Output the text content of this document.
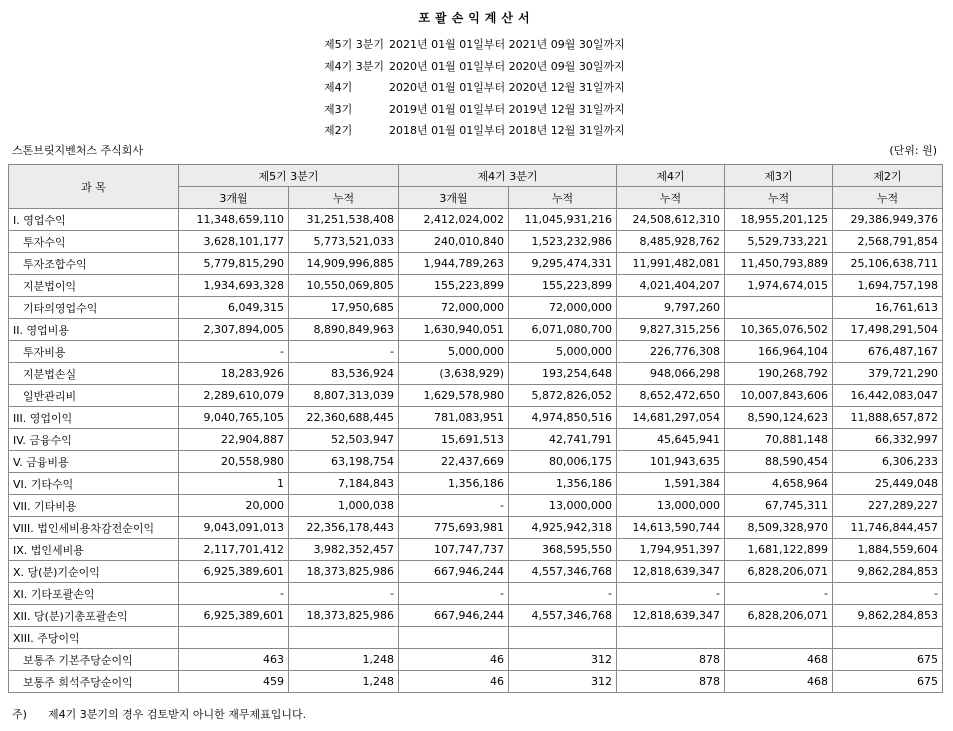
포괄손익계산서
제5기 3분기 2021년 01월 01일부터 2021년 09월 30일까지
제4기 3분기 2020년 01월 01일부터 2020년 09월 30일까지
제4기	2020년 01월 01일부터 2020년 12월 31일까지
제3기	2019년 01월 01일부터 2019년 12월 31일까지
제2기	2018년 01월 01일부터 2018년 12월 31일까지
스톤브릿지벤처스 주식회사	(단위: 원)
과 목	제5기 3분기		제4기 3분기		제4기	제3기	제2기
	3개월	누적	3개월	누적	누적	누적	누적
I. 영업수익	11,348,659,110	31,251,538,408	2,412,024,002	11,045,931,216	24,508,612,310	18,955,201,125	29,386,949,376
투자수익	3,628,101,177	5,773,521,033	240,010,840	1,523,232,986	8,485,928,762	5,529,733,221	2,568,791,854
투자조합수익	5,779,815,290	14,909,996,885	1,944,789,263	9,295,474,331	11,991,482,081	11,450,793,889	25,106,638,711
지분법이익	1,934,693,328	10,550,069,805	155,223,899	155,223,899	4,021,404,207	1,974,674,015	1,694,757,198
기타의영업수익	6,049,315	17,950,685	72,000,000	72,000,000	9,797,260		16,761,613
II. 영업비용	2,307,894,005	8,890,849,963	1,630,940,051	6,071,080,700	9,827,315,256	10,365,076,502	17,498,291,504
투자비용	-	-	5,000,000	5,000,000	226,776,308	166,964,104	676,487,167
지분법손실	18,283,926	83,536,924	(3,638,929)	193,254,648	948,066,298	190,268,792	379,721,290
일반관리비	2,289,610,079	8,807,313,039	1,629,578,980	5,872,826,052	8,652,472,650	10,007,843,606	16,442,083,047
III. 영업이익	9,040,765,105	22,360,688,445	781,083,951	4,974,850,516	14,681,297,054	8,590,124,623	11,888,657,872
IV. 금융수익	22,904,887	52,503,947	15,691,513	42,741,791	45,645,941	70,881,148	66,332,997
V. 금융비용	20,558,980	63,198,754	22,437,669	80,006,175	101,943,635	88,590,454	6,306,233
VI. 기타수익	1	7,184,843	1,356,186	1,356,186	1,591,384	4,658,964	25,449,048
VII. 기타비용	20,000	1,000,038	-	13,000,000	13,000,000	67,745,311	227,289,227
VIII. 법인세비용차감전순이익	9,043,091,013	22,356,178,443	775,693,981	4,925,942,318	14,613,590,744	8,509,328,970	11,746,844,457
IX. 법인세비용	2,117,701,412	3,982,352,457	107,747,737	368,595,550	1,794,951,397	1,681,122,899	1,884,559,604
X. 당(분)기순이익	6,925,389,601	18,373,825,986	667,946,244	4,557,346,768	12,818,639,347	6,828,206,071	9,862,284,853
XI. 기타포괄손익	-	-	-	-	-	-	-
XII. 당(분)기총포괄손익	6,925,389,601	18,373,825,986	667,946,244	4,557,346,768	12,818,639,347	6,828,206,071	9,862,284,853
XIII. 주당이익							
보통주 기본주당순이익	463	1,248	46	312	878	468	675
보통주 희석주당순이익	459	1,248	46	312	878	468	675
주) 제4기 3분기의 경우 검토받지 아니한 재무제표입니다.
